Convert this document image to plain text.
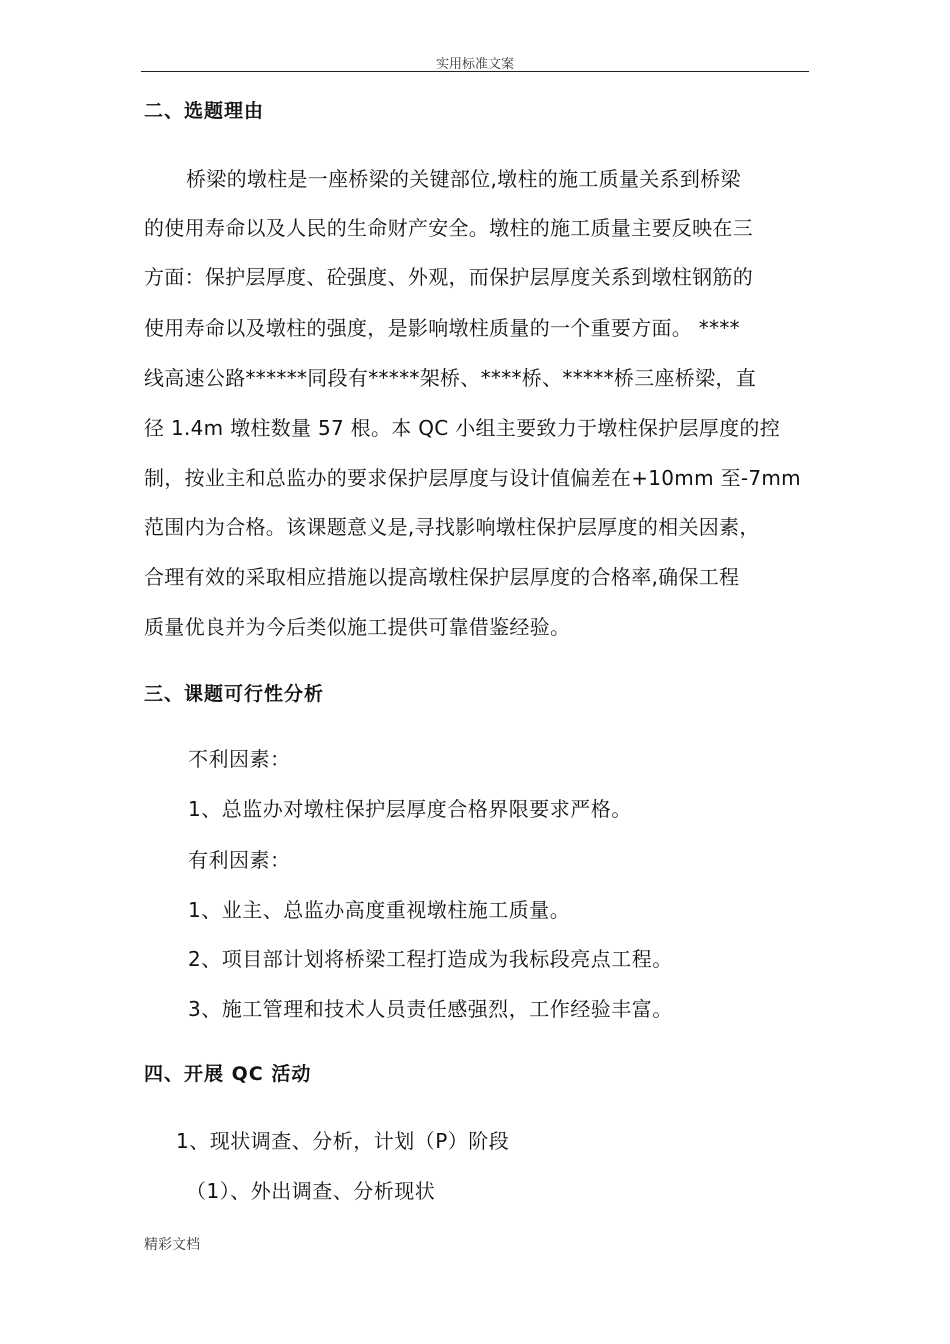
实用标准文案
二、选题理由
桥梁的墩柱是一座桥梁的关键部位,墩柱的施工质量关系到桥梁
的使用寿命以及人民的生命财产安全。墩柱的施工质量主要反映在三
方面：保护层厚度、砼强度、外观，而保护层厚度关系到墩柱钢筋的
使用寿命以及墩柱的强度，是影响墩柱质量的一个重要方面。 ****
线高速公路******同段有*****架桥、****桥、*****桥三座桥梁，直
径 1.4m 墩柱数量 57 根。本 QC 小组主要致力于墩柱保护层厚度的控
制，按业主和总监办的要求保护层厚度与设计值偏差在+10mm 至-7mm
范围内为合格。该课题意义是,寻找影响墩柱保护层厚度的相关因素，
合理有效的采取相应措施以提高墩柱保护层厚度的合格率,确保工程
质量优良并为今后类似施工提供可靠借鉴经验。
三、课题可行性分析
不利因素：
1、总监办对墩柱保护层厚度合格界限要求严格。
有利因素：
1、业主、总监办高度重视墩柱施工质量。
2、项目部计划将桥梁工程打造成为我标段亮点工程。
3、施工管理和技术人员责任感强烈，工作经验丰富。
四、开展 QC 活动
1、现状调查、分析，计划（P）阶段
（1）、外出调查、分析现状
精彩文档
